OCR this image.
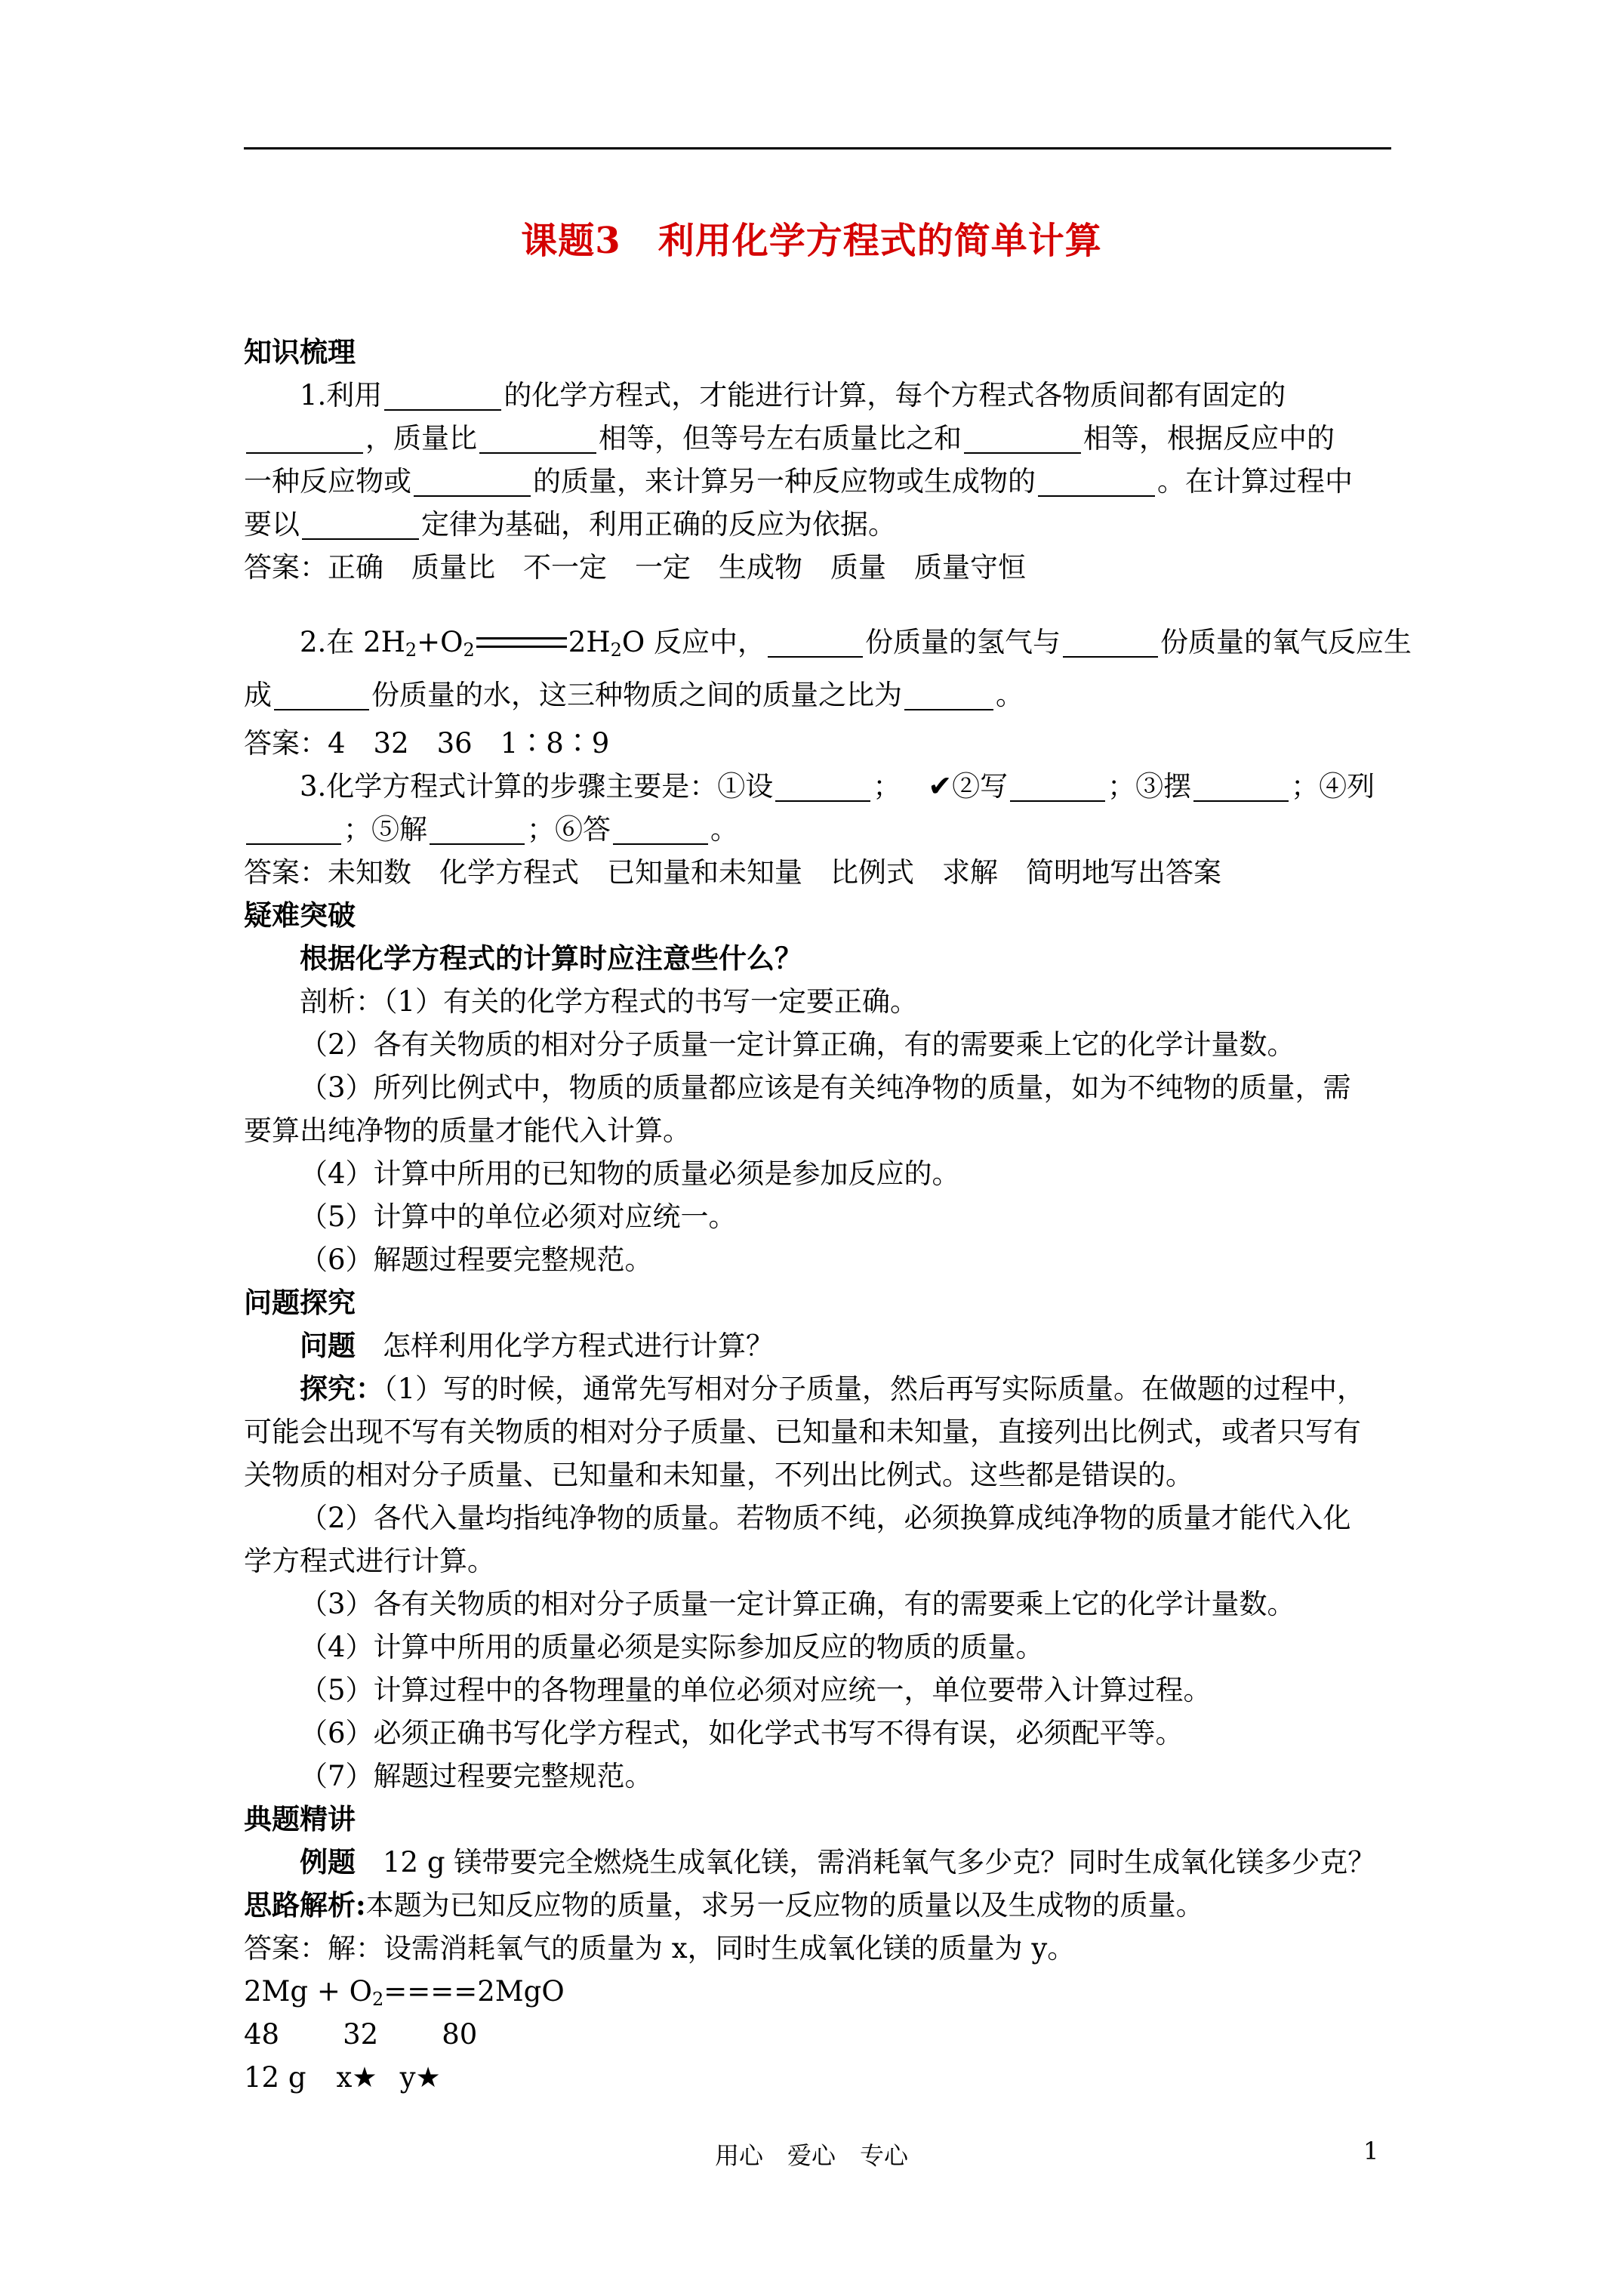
课题3　利用化学方程式的简单计算
知识梳理
1.利用	的化学方程式，才能进行计算，每个方程式各物质间都有固定的
，质量比	相等，但等号左右质量比之和	相等，根据反应中的
一种反应物或	的质量，来计算另一种反应物或生成物的	。在计算过程中
要以	定律为基础，利用正确的反应为依据。
答案：正确　质量比　不一定　一定　生成物　质量　质量守恒
2.在 $2H_2+O_2$	$2H_2O$ 反应中，	份质量的氢气与	份质量的氧气反应生
成	份质量的水，这三种物质之间的质量之比为	。
答案：4　32　36　1∶8∶9
3.化学方程式计算的步骤主要是：①设	； ✔②写	；③摆	；④列
；⑤解	；⑥答	。
答案：未知数　化学方程式　已知量和未知量　比例式　求解　简明地写出答案
疑难突破
根据化学方程式的计算时应注意些什么？
剖析：（1）有关的化学方程式的书写一定要正确。
（2）各有关物质的相对分子质量一定计算正确，有的需要乘上它的化学计量数。
（3）所列比例式中，物质的质量都应该是有关纯净物的质量，如为不纯物的质量，需
要算出纯净物的质量才能代入计算。
（4）计算中所用的已知物的质量必须是参加反应的。
（5）计算中的单位必须对应统一。
（6）解题过程要完整规范。
问题探究
问题 怎样利用化学方程式进行计算？
探究：（1）写的时候，通常先写相对分子质量，然后再写实际质量。在做题的过程中，
可能会出现不写有关物质的相对分子质量、已知量和未知量，直接列出比例式，或者只写有
关物质的相对分子质量、已知量和未知量，不列出比例式。这些都是错误的。
（2）各代入量均指纯净物的质量。若物质不纯，必须换算成纯净物的质量才能代入化
学方程式进行计算。
（3）各有关物质的相对分子质量一定计算正确，有的需要乘上它的化学计量数。
（4）计算中所用的质量必须是实际参加反应的物质的质量。
（5）计算过程中的各物理量的单位必须对应统一，单位要带入计算过程。
（6）必须正确书写化学方程式，如化学式书写不得有误，必须配平等。
（7）解题过程要完整规范。
典题精讲
例题 12 g 镁带要完全燃烧生成氧化镁，需消耗氧气多少克？同时生成氧化镁多少克？
思路解析:本题为已知反应物的质量，求另一反应物的质量以及生成物的质量。
答案：解：设需消耗氧气的质量为 x，同时生成氧化镁的质量为 y。
$2Mg + O_2====2MgO$
48 32 80
12 g x★ y★
用心　爱心　专心	1
